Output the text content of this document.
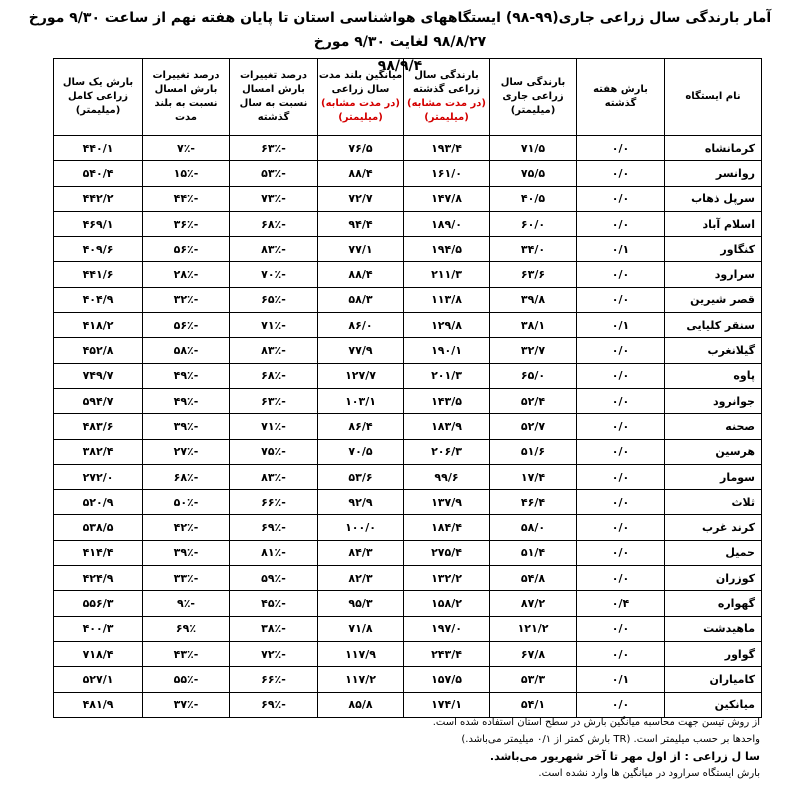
آمار بارندگی سال زراعی جاری(۹۹-۹۸) ایستگاههای هواشناسی استان تا پایان هفته نهم از ساعت ۹/۳۰ مورخ ۹۸/۸/۲۷ لغایت ۹/۳۰ مورخ
۹۸/۹/۴
نام ایستگاه	بارش هفته گذشته	بارندگی سال زراعی جاری (میلیمتر)	بارندگی سال زراعی گذشته
(در مدت مشابه)
(میلیمتر)	میانگین بلند مدت سال زراعی
(در مدت مشابه)
(میلیمتر)	درصد تغییرات بارش امسال نسبت به سال گذشته	درصد تغییرات بارش امسال نسبت به بلند مدت	بارش یک سال زراعی کامل (میلیمتر)
کرمانشاه	۰/۰	۷۱/۵	۱۹۳/۴	۷۶/۵	-۶۳٪	-۷٪	۴۴۰/۱
روانسر	۰/۰	۷۵/۵	۱۶۱/۰	۸۸/۴	-۵۳٪	-۱۵٪	۵۴۰/۴
سرپل ذهاب	۰/۰	۴۰/۵	۱۴۷/۸	۷۲/۷	-۷۳٪	-۴۴٪	۴۴۲/۲
اسلام آباد	۰/۰	۶۰/۰	۱۸۹/۰	۹۴/۴	-۶۸٪	-۳۶٪	۴۶۹/۱
کنگاور	۰/۱	۳۴/۰	۱۹۴/۵	۷۷/۱	-۸۳٪	-۵۶٪	۴۰۹/۶
سرارود	۰/۰	۶۳/۶	۲۱۱/۳	۸۸/۴	-۷۰٪	-۲۸٪	۴۴۱/۶
قصر شیرین	۰/۰	۳۹/۸	۱۱۳/۸	۵۸/۳	-۶۵٪	-۳۲٪	۴۰۴/۹
سنقر کلیایی	۰/۱	۳۸/۱	۱۲۹/۸	۸۶/۰	-۷۱٪	-۵۶٪	۴۱۸/۲
گیلانغرب	۰/۰	۳۲/۷	۱۹۰/۱	۷۷/۹	-۸۳٪	-۵۸٪	۴۵۲/۸
پاوه	۰/۰	۶۵/۰	۲۰۱/۳	۱۲۷/۷	-۶۸٪	-۴۹٪	۷۴۹/۷
جوانرود	۰/۰	۵۲/۴	۱۴۳/۵	۱۰۳/۱	-۶۳٪	-۴۹٪	۵۹۴/۷
صحنه	۰/۰	۵۲/۷	۱۸۳/۹	۸۶/۴	-۷۱٪	-۳۹٪	۴۸۳/۶
هرسین	۰/۰	۵۱/۶	۲۰۶/۳	۷۰/۵	-۷۵٪	-۲۷٪	۳۸۲/۴
سومار	۰/۰	۱۷/۴	۹۹/۶	۵۳/۶	-۸۳٪	-۶۸٪	۲۷۲/۰
ثلاث	۰/۰	۴۶/۴	۱۳۷/۹	۹۲/۹	-۶۶٪	-۵۰٪	۵۲۰/۹
کرند غرب	۰/۰	۵۸/۰	۱۸۴/۴	۱۰۰/۰	-۶۹٪	-۴۲٪	۵۳۸/۵
حمیل	۰/۰	۵۱/۴	۲۷۵/۴	۸۴/۳	-۸۱٪	-۳۹٪	۴۱۴/۴
کوزران	۰/۰	۵۴/۸	۱۳۲/۲	۸۲/۳	-۵۹٪	-۳۳٪	۴۲۴/۹
گهواره	۰/۴	۸۷/۲	۱۵۸/۲	۹۵/۳	-۴۵٪	-۹٪	۵۵۶/۳
ماهیدشت	۰/۰	۱۲۱/۲	۱۹۷/۰	۷۱/۸	-۳۸٪	۶۹٪	۴۰۰/۳
گواور	۰/۰	۶۷/۸	۲۴۳/۴	۱۱۷/۹	-۷۲٪	-۴۳٪	۷۱۸/۴
کامیاران	۰/۱	۵۳/۳	۱۵۷/۵	۱۱۷/۲	-۶۶٪	-۵۵٪	۵۲۷/۱
میانکین	۰/۰	۵۴/۱	۱۷۴/۱	۸۵/۸	-۶۹٪	-۳۷٪	۴۸۱/۹
از روش تیسن جهت محاسبه میانگین بارش در سطح استان استفاده شده است.
واحدها بر حسب میلیمتر است. (TR بارش کمتر از ۰/۱ میلیمتر می‌باشد.)
سا ل زراعی : از اول مهر تا آخر شهریور می‌باشد.
بارش ایستگاه سرارود در میانگین ها وارد نشده است.
